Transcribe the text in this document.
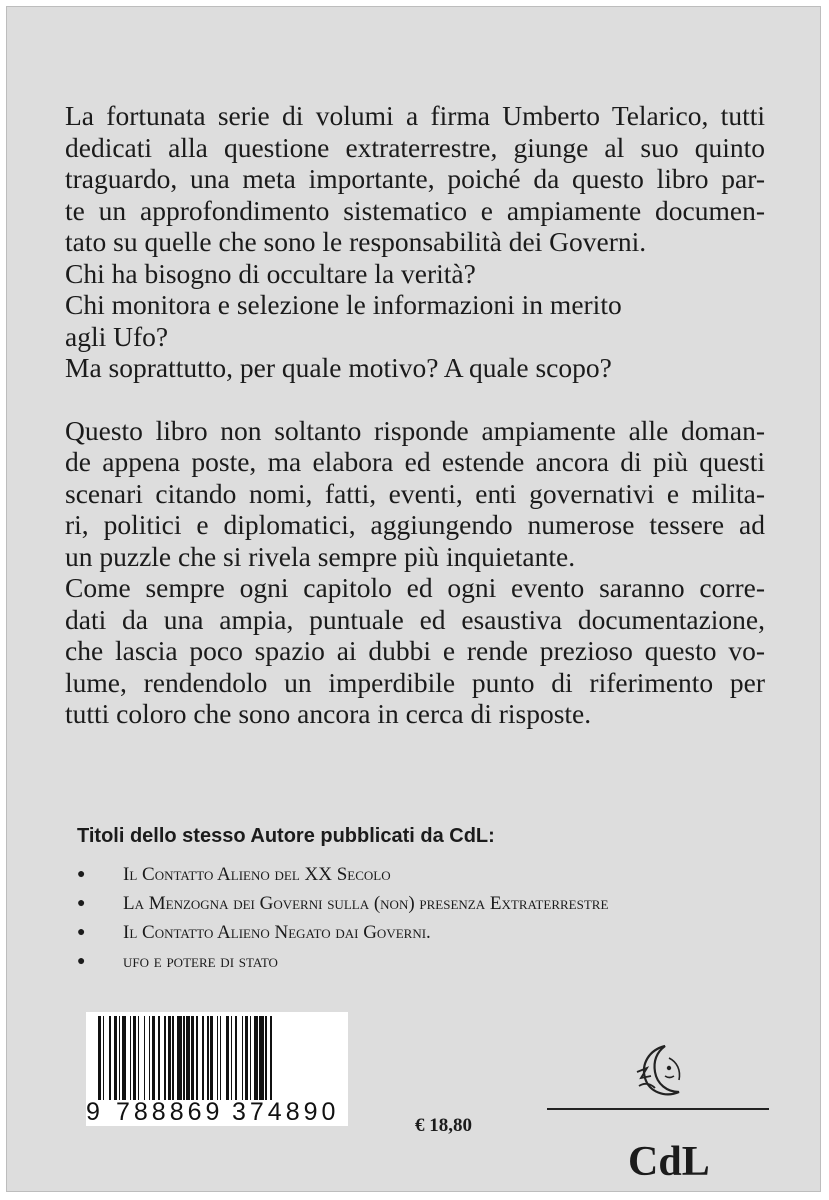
La fortunata serie di volumi a firma Umberto Telarico, tutti
dedicati alla questione extraterrestre, giunge al suo quinto
traguardo, una meta importante, poiché da questo libro par-
te un approfondimento sistematico e ampiamente documen-
tato su quelle che sono le responsabilità dei Governi.

Chi ha bisogno di occultare la verità?
Chi monitora e selezione le informazioni in merito
agli Ufo?
Ma soprattutto, per quale motivo? A quale scopo?

Questo libro non soltanto risponde ampiamente alle doman-
de appena poste, ma elabora ed estende ancora di più questi
scenari citando nomi, fatti, eventi, enti governativi e milita-
ri, politici e diplomatici, aggiungendo numerose tessere ad
un puzzle che si rivela sempre più inquietante.

Come sempre ogni capitolo ed ogni evento saranno corre-
dati da una ampia, puntuale ed esaustiva documentazione,
che lascia poco spazio ai dubbi e rende prezioso questo vo-
lume, rendendolo un imperdibile punto di riferimento per
tutti coloro che sono ancora in cerca di risposte.

Titoli dello stesso Autore pubblicati da CdL:
● Il Contatto Alieno del XX Secolo
● La Menzogna dei Governi sulla (non) presenza Extraterrestre
● Il Contatto Alieno Negato dai Governi.
● ufo e potere di stato
9 788869 374890	€ 18,80
CdL
